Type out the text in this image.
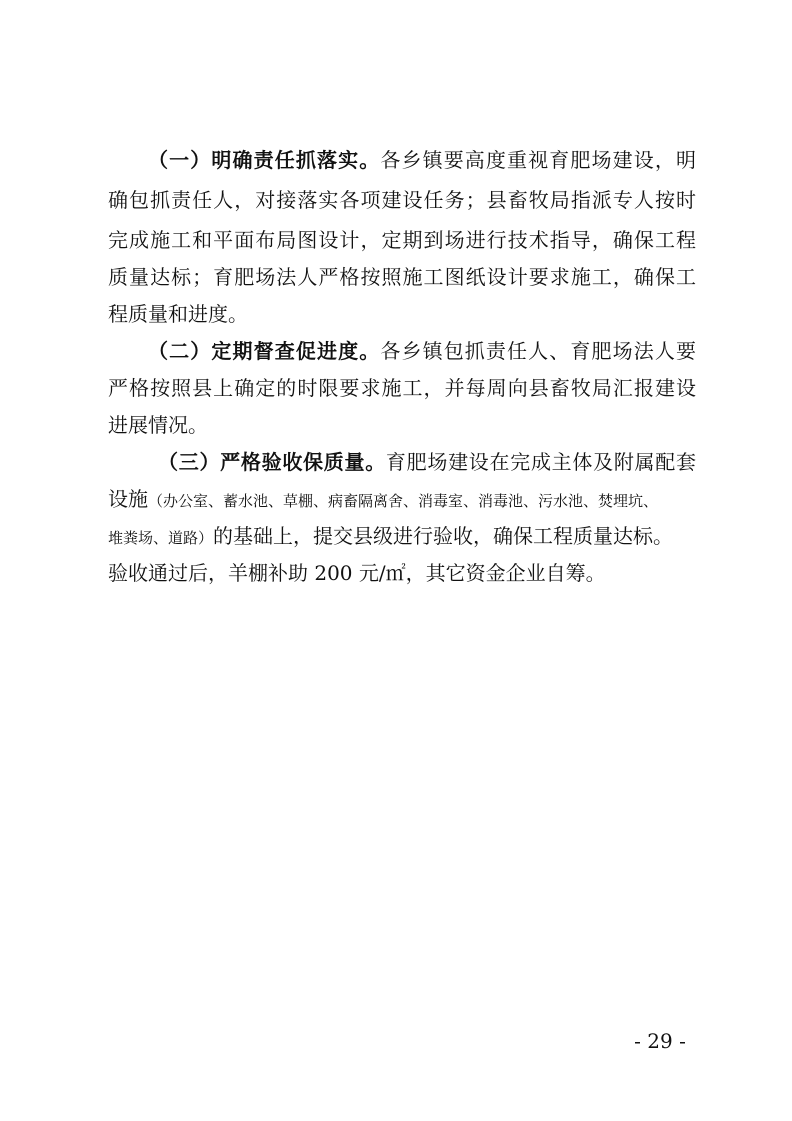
（一）明确责任抓落实。各乡镇要高度重视育肥场建设，明
确包抓责任人，对接落实各项建设任务；县畜牧局指派专人按时
完成施工和平面布局图设计，定期到场进行技术指导，确保工程
质量达标；育肥场法人严格按照施工图纸设计要求施工，确保工
程质量和进度。
（二）定期督查促进度。各乡镇包抓责任人、育肥场法人要
严格按照县上确定的时限要求施工，并每周向县畜牧局汇报建设
进展情况。
（三）严格验收保质量。育肥场建设在完成主体及附属配套
设施（办公室、蓄水池、草棚、病畜隔离舍、消毒室、消毒池、污水池、焚埋坑、
堆粪场、道路）的基础上，提交县级进行验收，确保工程质量达标。
验收通过后，羊棚补助 200 元/㎡，其它资金企业自筹。
- 29 -
